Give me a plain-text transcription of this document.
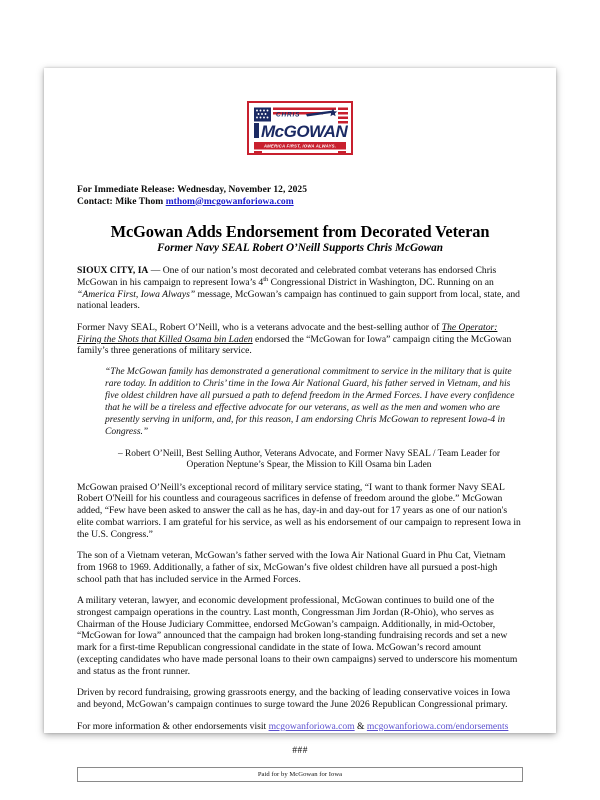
CHRIS
McGOWAN
AMERICA FIRST, IOWA ALWAYS.
For Immediate Release: Wednesday, November 12, 2025
Contact: Mike Thom mthom@mcgowanforiowa.com
McGowan Adds Endorsement from Decorated Veteran
Former Navy SEAL Robert O’Neill Supports Chris McGowan

SIOUX CITY, IA — One of our nation’s most decorated and celebrated combat veterans has endorsed Chris McGowan in his campaign to represent Iowa’s 4th Congressional District in Washington, DC. Running on an “America First, Iowa Always” message, McGowan’s campaign has continued to gain support from local, state, and national leaders.

Former Navy SEAL, Robert O’Neill, who is a veterans advocate and the best-selling author of The Operator: Firing the Shots that Killed Osama bin Laden endorsed the “McGowan for Iowa” campaign citing the McGowan family’s three generations of military service.

“The McGowan family has demonstrated a generational commitment to service in the military that is quite rare today. In addition to Chris’ time in the Iowa Air National Guard, his father served in Vietnam, and his five oldest children have all pursued a path to defend freedom in the Armed Forces. I have every confidence that he will be a tireless and effective advocate for our veterans, as well as the men and women who are presently serving in uniform, and, for this reason, I am endorsing Chris McGowan to represent Iowa-4 in Congress.”

– Robert O’Neill, Best Selling Author, Veterans Advocate, and Former Navy SEAL / Team Leader for Operation Neptune’s Spear, the Mission to Kill Osama bin Laden

McGowan praised O’Neill’s exceptional record of military service stating, “I want to thank former Navy SEAL Robert O'Neill for his countless and courageous sacrifices in defense of freedom around the globe.” McGowan added, “Few have been asked to answer the call as he has, day-in and day-out for 17 years as one of our nation's elite combat warriors. I am grateful for his service, as well as his endorsement of our campaign to represent Iowa in the U.S. Congress.”

The son of a Vietnam veteran, McGowan’s father served with the Iowa Air National Guard in Phu Cat, Vietnam from 1968 to 1969. Additionally, a father of six, McGowan’s five oldest children have all pursued a post-high school path that has included service in the Armed Forces.

A military veteran, lawyer, and economic development professional, McGowan continues to build one of the strongest campaign operations in the country. Last month, Congressman Jim Jordan (R-Ohio), who serves as Chairman of the House Judiciary Committee, endorsed McGowan’s campaign. Additionally, in mid-October, “McGowan for Iowa” announced that the campaign had broken long-standing fundraising records and set a new mark for a first-time Republican congressional candidate in the state of Iowa. McGowan’s record amount (excepting candidates who have made personal loans to their own campaigns) served to underscore his momentum and status as the front runner.

Driven by record fundraising, growing grassroots energy, and the backing of leading conservative voices in Iowa and beyond, McGowan’s campaign continues to surge toward the June 2026 Republican Congressional primary.

For more information & other endorsements visit mcgowanforiowa.com & mcgowanforiowa.com/endorsements

###
Paid for by McGowan for Iowa
